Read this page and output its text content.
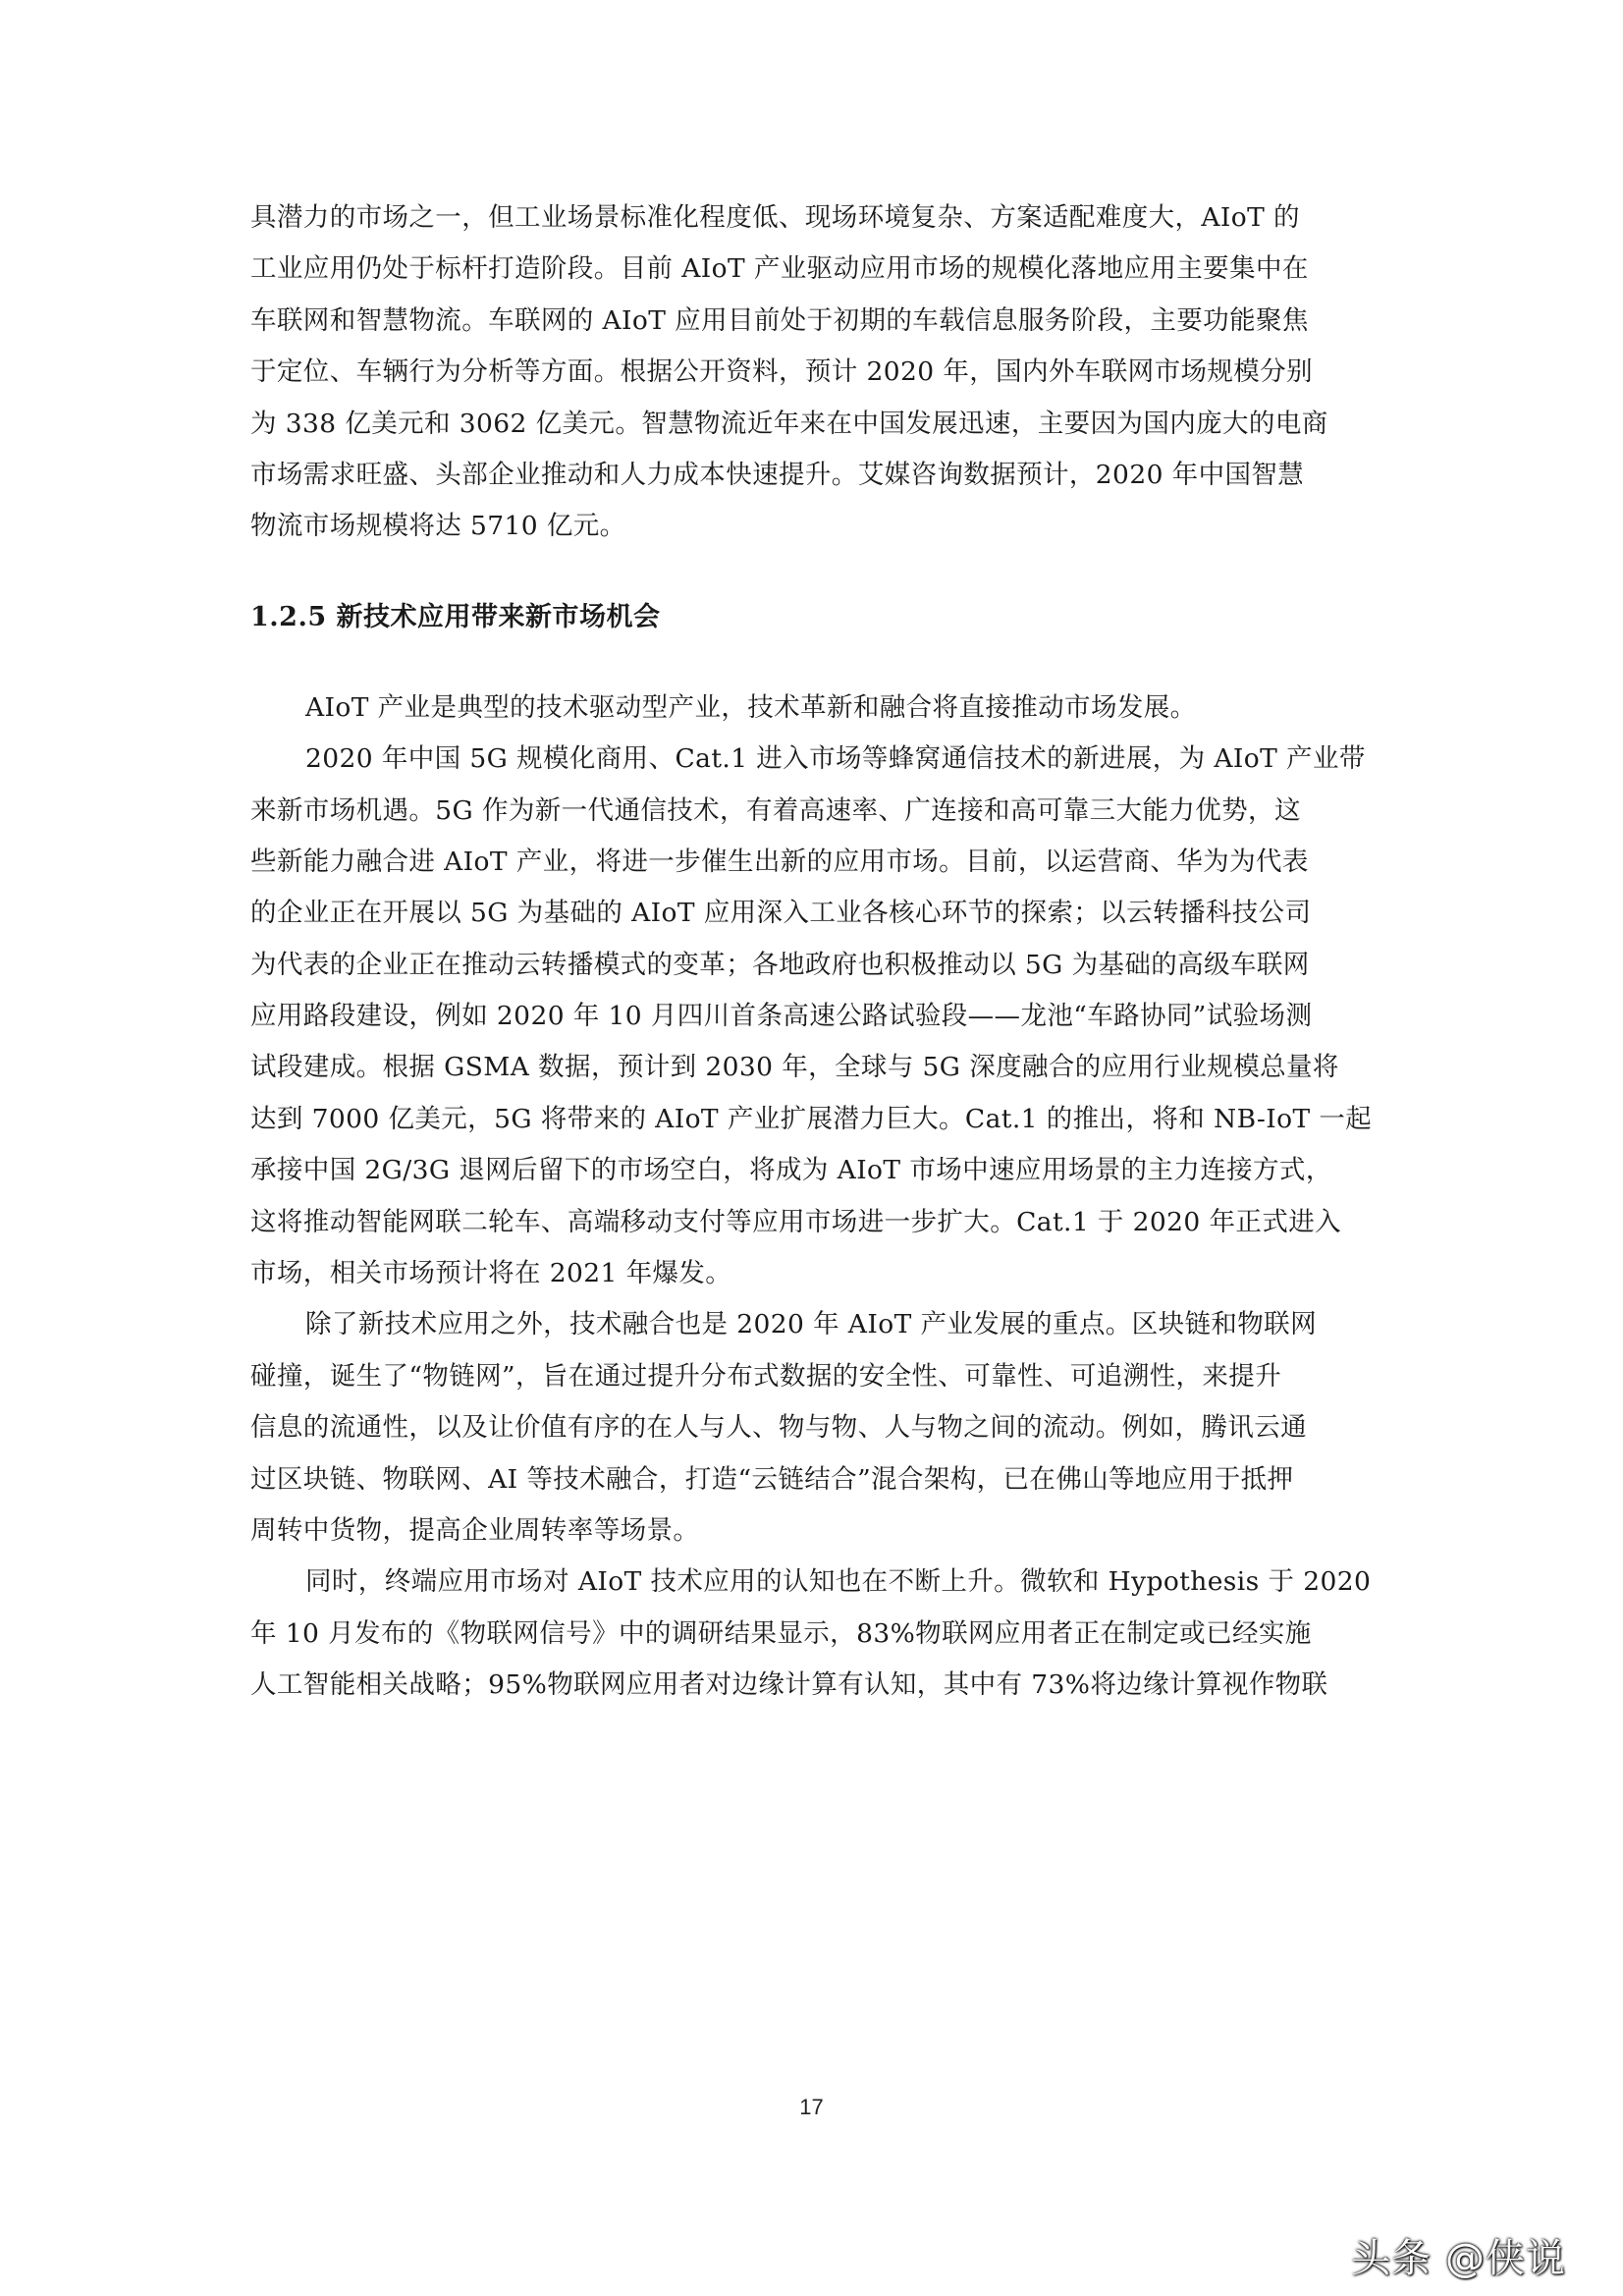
具潜力的市场之一，但工业场景标准化程度低、现场环境复杂、方案适配难度大，AIoT 的
工业应用仍处于标杆打造阶段。目前 AIoT 产业驱动应用市场的规模化落地应用主要集中在
车联网和智慧物流。车联网的 AIoT 应用目前处于初期的车载信息服务阶段，主要功能聚焦
于定位、车辆行为分析等方面。根据公开资料，预计 2020 年，国内外车联网市场规模分别
为 338 亿美元和 3062 亿美元。智慧物流近年来在中国发展迅速，主要因为国内庞大的电商
市场需求旺盛、头部企业推动和人力成本快速提升。艾媒咨询数据预计，2020 年中国智慧
物流市场规模将达 5710 亿元。
1.2.5 新技术应用带来新市场机会
AIoT 产业是典型的技术驱动型产业，技术革新和融合将直接推动市场发展。
2020 年中国 5G 规模化商用、Cat.1 进入市场等蜂窝通信技术的新进展，为 AIoT 产业带
来新市场机遇。5G 作为新一代通信技术，有着高速率、广连接和高可靠三大能力优势，这
些新能力融合进 AIoT 产业，将进一步催生出新的应用市场。目前，以运营商、华为为代表
的企业正在开展以 5G 为基础的 AIoT 应用深入工业各核心环节的探索；以云转播科技公司
为代表的企业正在推动云转播模式的变革；各地政府也积极推动以 5G 为基础的高级车联网
应用路段建设，例如 2020 年 10 月四川首条高速公路试验段——龙池“车路协同”试验场测
试段建成。根据 GSMA 数据，预计到 2030 年，全球与 5G 深度融合的应用行业规模总量将
达到 7000 亿美元，5G 将带来的 AIoT 产业扩展潜力巨大。Cat.1 的推出，将和 NB-IoT 一起
承接中国 2G/3G 退网后留下的市场空白，将成为 AIoT 市场中速应用场景的主力连接方式，
这将推动智能网联二轮车、高端移动支付等应用市场进一步扩大。Cat.1 于 2020 年正式进入
市场，相关市场预计将在 2021 年爆发。
除了新技术应用之外，技术融合也是 2020 年 AIoT 产业发展的重点。区块链和物联网
碰撞，诞生了“物链网”，旨在通过提升分布式数据的安全性、可靠性、可追溯性，来提升
信息的流通性，以及让价值有序的在人与人、物与物、人与物之间的流动。例如，腾讯云通
过区块链、物联网、AI 等技术融合，打造“云链结合”混合架构，已在佛山等地应用于抵押
周转中货物，提高企业周转率等场景。
同时，终端应用市场对 AIoT 技术应用的认知也在不断上升。微软和 Hypothesis 于 2020
年 10 月发布的《物联网信号》中的调研结果显示，83%物联网应用者正在制定或已经实施
人工智能相关战略；95%物联网应用者对边缘计算有认知，其中有 73%将边缘计算视作物联
17
头条 @侠说
